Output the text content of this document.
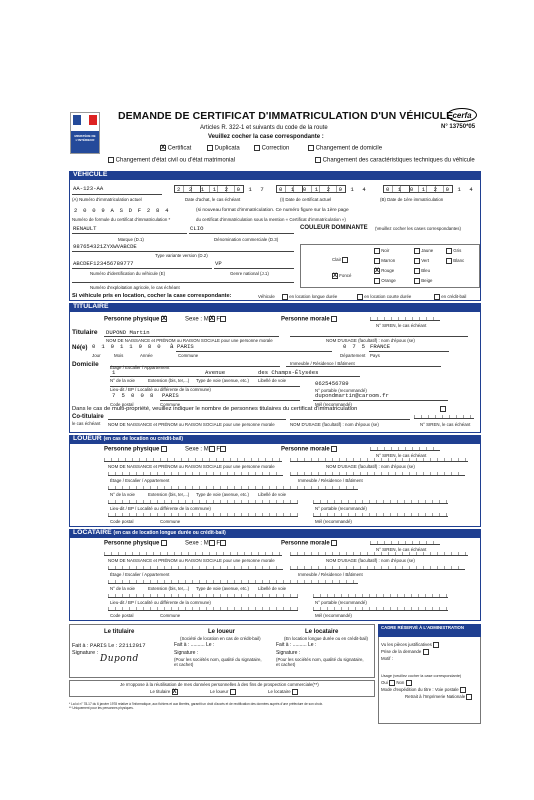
MINISTÈRE DE L'INTÉRIEUR
DEMANDE DE CERTIFICAT D'IMMATRICULATION D'UN VÉHICULE
Articles R. 322-1 et suivants du code de la route
Veuillez cocher la case correspondante :
cerfa
N° 13750*05
X Certificat	Duplicata	Correction	Changement de domicile
Changement d'état civil ou d'état matrimonial	Changement des caractéristiques techniques du véhicule
VÉHICULE
AA-123-AA
(A) Numéro d'immatriculation actuel
2 2 1 1 2 0 1 7
Date d'achat, le cas échéant
0 1 0 1 2 0 1 4
(I) Date de certificat actuel
0 1 0 1 2 0 1 4
(B) Date de 1ère immatriculation
2 0 0 9 A S D F 2 8 4	(si nouveau format d'immatriculation. Ce numéro figure sur la 1ère page
Numéro de formule du certificat d'immatriculation *	du certificat d'immatriculation sous la mention « Certificat d'immatriculation »)
RENAULT
Marque (D.1)
CLIO
Dénomination commerciale (D.3)
COULEUR DOMINANTE (Veuillez cocher les cases correspondantes)
987654321ZYXWVABCDE
Type variante version (D.2)
ABCDEF123456789777
Numéro d'identification du véhicule (E)
VP
Genre national (J.1)
Numéro d'exploitation agricole, le cas échéant
Clair
X Foncé
Noir	Jaune	Gris
Marron	Vert	Blanc
X Rouge	Bleu
Orange	Beige
Si véhicule pris en location, cocher la case correspondante:	Véhicule	en location longue durée	en location courte durée	en crédit-bail
TITULAIRE
Personne physique X	Sexe : MX F	Personne morale
N° SIREN, le cas échéant
Titulaire DUPOND Martin
NOM DE NAISSANCE et PRÉNOM ou RAISON SOCIALE pour une personne morale	NOM D'USAGE (facultatif) : nom d'époux (se)
Né(e) 0 1 0 1 1 9 8 0 à PARIS
Jour	Mois	Année	Commune
0 7 5 FRANCE
Département Pays
Domicile	Étage / Escalier / Appartement
Immeuble / Résidence / Bâtiment
1	Avenue	des Champs-Élysées
N° de la voie	Extension (bis, ter,...) Type de voie (avenue, etc.) Libellé de voie	0625456789
Lieu-dit / BP / Localité ou différente de la commune)	N° portable (recommandé)
7 5 0 0 8 PARIS	dupondmartin@caroom.fr
Code postal	Commune	Mél (recommandé)
Dans le cas de multi-propriété, veuillez indiquer le nombre de personnes titulaires du certificat d'immatriculation
Co-titulaire
le cas échéant NOM DE NAISSANCE et PRÉNOM ou RAISON SOCIALE pour une personne morale	NOM D'USAGE (facultatif) : nom d'époux (se)	N° SIREN, le cas échéant
LOUEUR (en cas de location ou crédit-bail)
Personne physique	Sexe : M F	Personne morale
N° SIREN, le cas échéant
NOM DE NAISSANCE et PRÉNOM ou RAISON SOCIALE pour une personne morale	NOM D'USAGE (facultatif) : nom d'époux (se)
Étage / Escalier / Appartement	Immeuble / Résidence / Bâtiment
N° de la voie	Extension (bis, ter,...) Type de voie (avenue, etc.) Libellé de voie
Lieu-dit / BP / Localité ou différente de la commune)	N° portable (recommandé)
Code postal	Commune	Mél (recommandé)
LOCATAIRE (en cas de location longue durée ou crédit-bail)
Personne physique	Sexe : M F	Personne morale
N° SIREN, le cas échéant
NOM DE NAISSANCE et PRÉNOM ou RAISON SOCIALE pour une personne morale	NOM D'USAGE (facultatif) : nom d'époux (se)
Étage / Escalier / Appartement	Immeuble / Résidence / Bâtiment
N° de la voie	Extension (bis, ter,...) Type de voie (avenue, etc.) Libellé de voie
Lieu-dit / BP / Localité ou différente de la commune)	N° portable (recommandé)
Code postal	Commune	Mél (recommandé)
Le titulaire
Fait à : PARIS Le : 22112017
Signature :
Dupond
Le loueur
(Société de location en cas de crédit-bail)
Fait à : .......... Le :
Signature :
(Pour les sociétés nom, qualité du signataire, et cachet)
Le locataire
(En location longue durée ou en crédit-bail)
Fait à : .......... Le :
Signature :
(Pour les sociétés nom, qualité du signataire, et cachet)
CADRE RÉSERVÉ À L'ADMINISTRATION
Vu les pièces justificatives
Prise de la demande
Motif :
Usage (veuillez cocher la case correspondante)
Oui Non
Mode d'expédition du titre : Voie postale
Retrait à l'Imprimerie Nationale
Je m'oppose à la réutilisation de mes données personnelles à des fins de prospection commerciale(**)
Le titulaire X	Le loueur	Le locataire
* La loi n° 78-17 du 6 janvier 1978 relative à l'informatique, aux fichiers et aux libertés, garantit un droit d'accès et de rectification des données auprès d'une préfecture de son choix.
** Uniquement pour les personnes physiques.
